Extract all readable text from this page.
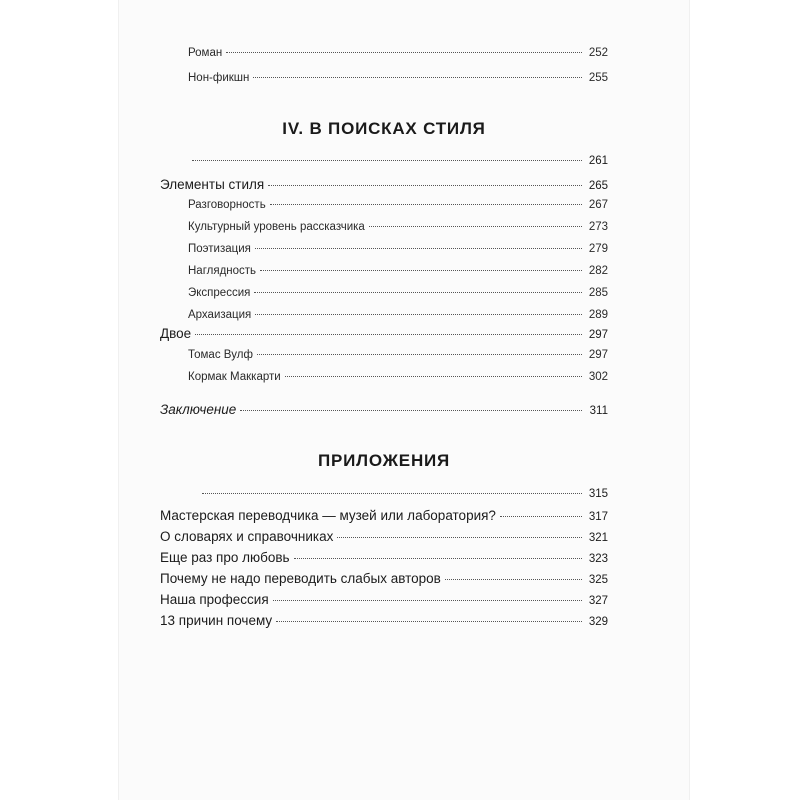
Роман	252
Нон-фикшн	255
IV. В ПОИСКАХ СТИЛЯ
261
Элементы стиля	265
Разговорность	267
Культурный уровень рассказчика	273
Поэтизация	279
Наглядность	282
Экспрессия	285
Архаизация	289
Двое	297
Томас Вулф	297
Кормак Маккарти	302
Заключение	311
ПРИЛОЖЕНИЯ
315
Мастерская переводчика — музей или лаборатория?	317
О словарях и справочниках	321
Еще раз про любовь	323
Почему не надо переводить слабых авторов	325
Наша профессия	327
13 причин почему	329
